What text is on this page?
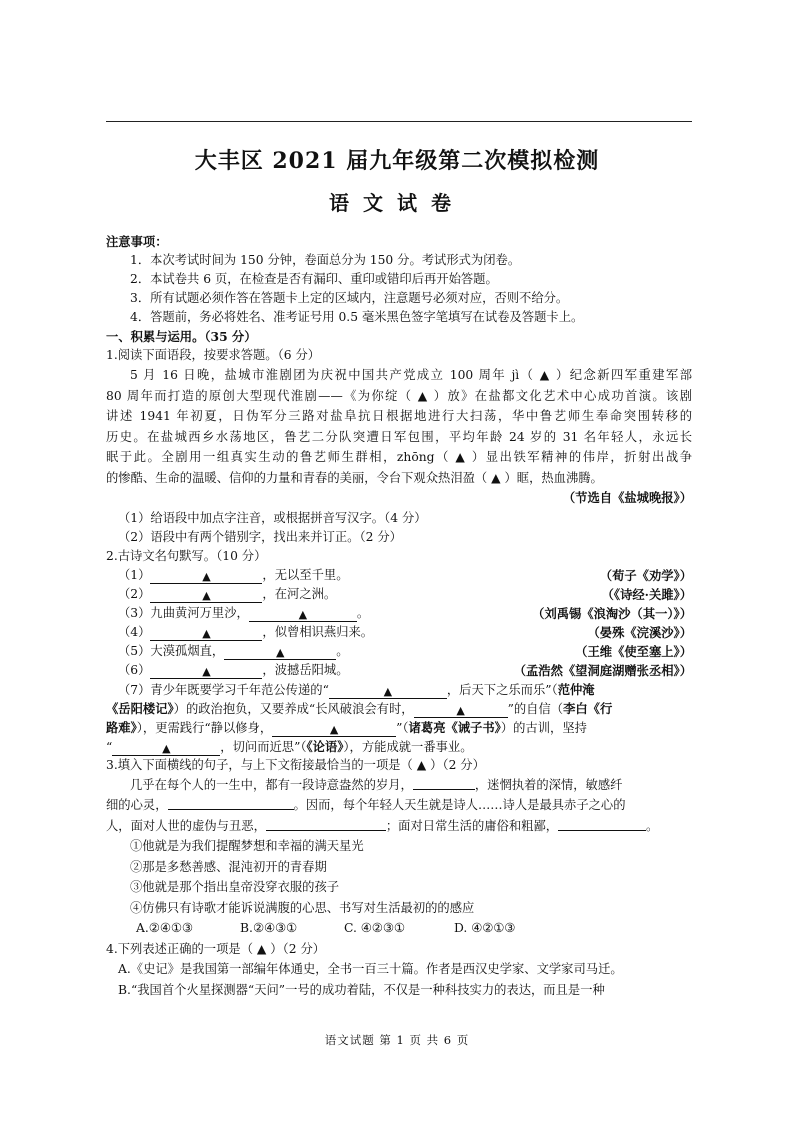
大丰区 2021 届九年级第二次模拟检测
语文试卷
注意事项：
1．本次考试时间为 150 分钟，卷面总分为 150 分。考试形式为闭卷。
2．本试卷共 6 页，在检查是否有漏印、重印或错印后再开始答题。
3．所有试题必须作答在答题卡上定的区域内，注意题号必须对应，否则不给分。
4．答题前，务必将姓名、准考证号用 0.5 毫米黑色签字笔填写在试卷及答题卡上。
一、积累与运用。（35 分）
1.阅读下面语段，按要求答题。（6 分）
5 月 16 日晚，盐城市淮剧团为庆祝中国共产党成立 100 周年 jì（ ▲ ）纪念新四军重建军部
80 周年而打造的原创大型现代淮剧——《为你绽（ ▲ ）放》在盐都文化艺术中心成功首演。该剧
讲述 1941 年初夏，日伪军分三路对盐阜抗日根据地进行大扫荡，华中鲁艺师生奉命突围转移的
历史。在盐城西乡水荡地区，鲁艺二分队突遭日军包围，平均年龄 24 岁的 31 名年轻人，永远长
眠于此。全剧用一组真实生动的鲁艺师生群相，zhōng（ ▲ ）显出铁军精神的伟岸，折射出战争
的惨酷、生命的温暖、信仰的力量和青春的美丽，令台下观众热泪盈（ ▲ ）眶，热血沸腾。
（节选自《盐城晚报》）
（1）给语段中加点字注音，或根据拼音写汉字。（4 分）
（2）语段中有两个错别字，找出来并订正。（2 分）
2.古诗文名句默写。（10 分）
（1）	▲	，无以至千里。	（荀子《劝学》）
（2）	▲	，在河之洲。	（《诗经·关雎》）
（3）九曲黄河万里沙，	▲	。	（刘禹锡《浪淘沙（其一）》）
（4）	▲	，似曾相识燕归来。	（晏殊《浣溪沙》）
（5）大漠孤烟直，	▲	。	（王维《使至塞上》）
（6）	▲	，波撼岳阳城。	（孟浩然《望洞庭湖赠张丞相》）
（7）青少年既要学习千年范公传递的“	▲	，后天下之乐而乐”（范仲淹
《岳阳楼记》）的政治抱负，又要养成“长风破浪会有时，	▲	”的自信（李白《行
路难》），更需践行“静以修身，	▲	”（诸葛亮《诫子书》）的古训，坚持
“	▲	，切问而近思”（《论语》），方能成就一番事业。
3.填入下面横线的句子，与上下文衔接最恰当的一项是（ ▲ ）（2 分）
几乎在每个人的一生中，都有一段诗意盎然的岁月，	，迷惘执着的深情，敏感纤
细的心灵，	。因而，每个年轻人天生就是诗人……诗人是最具赤子之心的
人，面对人世的虚伪与丑恶，	；面对日常生活的庸俗和粗鄙，	。
①他就是为我们提醒梦想和幸福的满天星光
②那是多愁善感、混沌初开的青春期
③他就是那个指出皇帝没穿衣服的孩子
④仿佛只有诗歌才能诉说满腹的心思、书写对生活最初的的感应
A.②④①③	B.②④③①	C. ④②③①	D. ④②①③
4.下列表述正确的一项是（ ▲ ）（2 分）
A.《史记》是我国第一部编年体通史，全书一百三十篇。作者是西汉史学家、文学家司马迁。
B.“我国首个火星探测器“天问”一号的成功着陆，不仅是一种科技实力的表达，而且是一种
语文试题 第 1 页 共 6 页
